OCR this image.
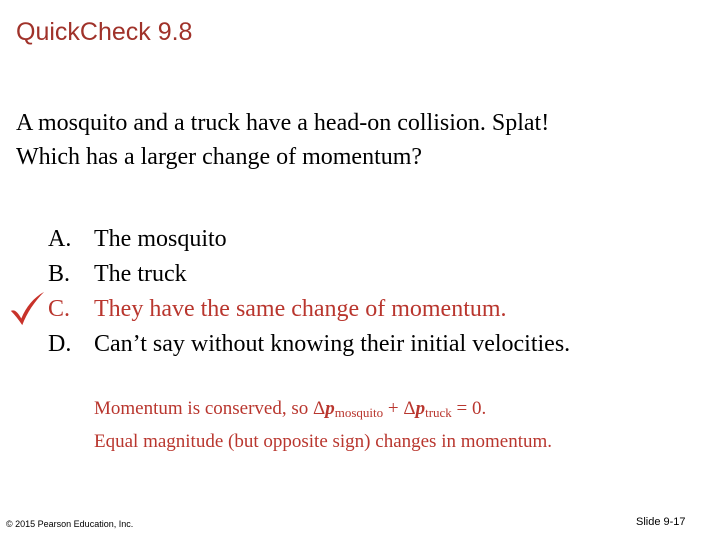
QuickCheck 9.8
A mosquito and a truck have a head-on collision. Splat!
Which has a larger change of momentum?
A. The mosquito
B. The truck
C. They have the same change of momentum.
D. Can’t say without knowing their initial velocities.
Momentum is conserved, so $\Delta p_{mosquito} + \Delta p_{truck} = 0$.
Equal magnitude (but opposite sign) changes in momentum.
© 2015 Pearson Education, Inc.	Slide 9-17
